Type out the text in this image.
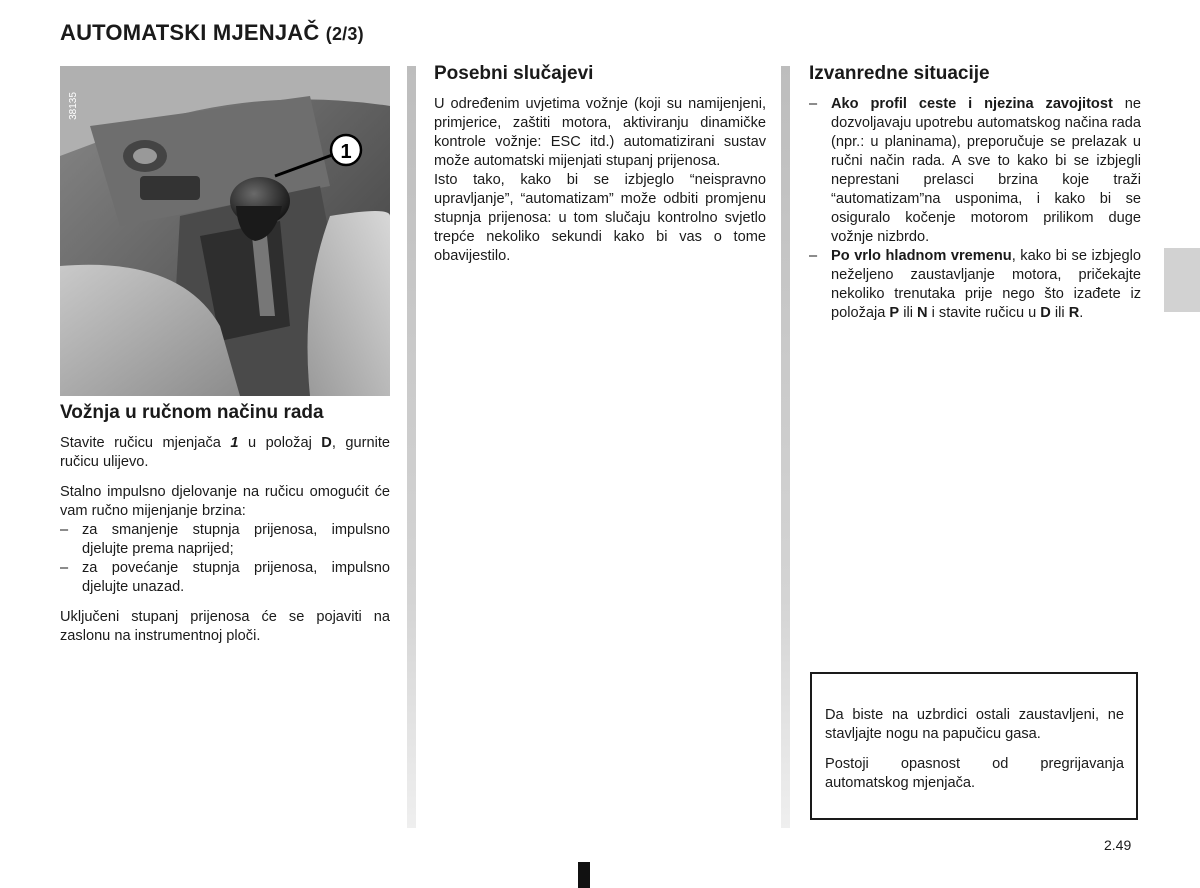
AUTOMATSKI MJENJAČ (2/3)
1
38135
Vožnja u ručnom načinu rada

Stavite ručicu mjenjača 1 u položaj D, gurnite ručicu ulijevo.

Stalno impulsno djelovanje na ručicu omogućit će vam ručno mijenjanje brzina:

– za smanjenje stupnja prijenosa, impulsno djelujte prema naprijed;
– za povećanje stupnja prijenosa, impulsno djelujte unazad.

Uključeni stupanj prijenosa će se pojaviti na zaslonu na instrumentnoj ploči.

Posebni slučajevi

U određenim uvjetima vožnje (koji su namijenjeni, primjerice, zaštiti motora, aktiviranju dinamičke kontrole vožnje: ESC itd.) automatizirani sustav može automatski mijenjati stupanj prijenosa.

Isto tako, kako bi se izbjeglo “neispravno upravljanje”, “automatizam” može odbiti promjenu stupnja prijenosa: u tom slučaju kontrolno svjetlo trepće nekoliko sekundi kako bi vas o tome obavijestilo.

Izvanredne situacije
– Ako profil ceste i njezina zavojitost ne dozvoljavaju upotrebu automatskog načina rada (npr.: u planinama), preporučuje se prelazak u ručni način rada. A sve to kako bi se izbjegli neprestani prelasci brzina koje traži “automatizam”na usponima, i kako bi se osiguralo kočenje motorom prilikom duge vožnje nizbrdo.
– Po vrlo hladnom vremenu, kako bi se izbjeglo neželjeno zaustavljanje motora, pričekajte nekoliko trenutaka prije nego što izađete iz položaja P ili N i stavite ručicu u D ili R.

Da biste na uzbrdici ostali zaustavljeni, ne stavljajte nogu na papučicu gasa.

Postoji opasnost od pregrijavanja automatskog mjenjača.

2.49
